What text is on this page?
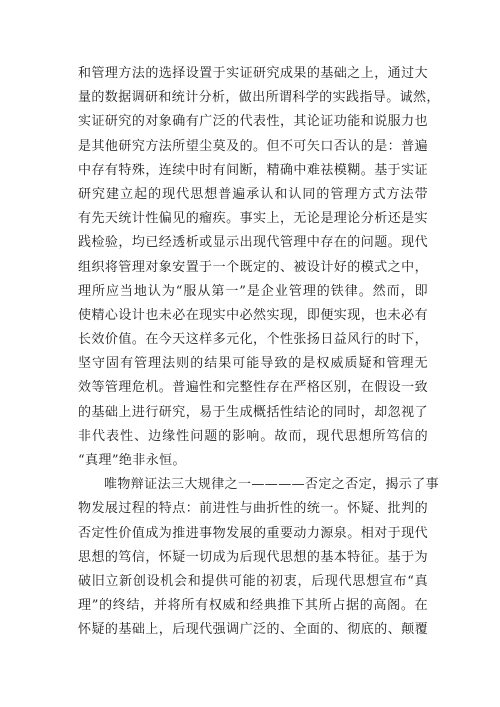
和管理方法的选择设置于实证研究成果的基础之上，通过大
量的数据调研和统计分析，做出所谓科学的实践指导。诚然，
实证研究的对象确有广泛的代表性，其论证功能和说服力也
是其他研究方法所望尘莫及的。但不可矢口否认的是：普遍
中存有特殊，连续中时有间断，精确中难祛模糊。基于实证
研究建立起的现代思想普遍承认和认同的管理方式方法带
有先天统计性偏见的瘤疾。事实上，无论是理论分析还是实
践检验，均已经透析或显示出现代管理中存在的问题。现代
组织将管理对象安置于一个既定的、被设计好的模式之中，
理所应当地认为“服从第一”是企业管理的铁律。然而，即
使精心设计也未必在现实中必然实现，即便实现，也未必有
长效价值。在今天这样多元化，个性张扬日益风行的时下，
坚守固有管理法则的结果可能导致的是权威质疑和管理无
效等管理危机。普遍性和完整性存在严格区别，在假设一致
的基础上进行研究，易于生成概括性结论的同时，却忽视了
非代表性、边缘性问题的影响。故而，现代思想所笃信的
“真理”绝非永恒。
唯物辩证法三大规律之一————否定之否定，揭示了事
物发展过程的特点：前进性与曲折性的统一。怀疑、批判的
否定性价值成为推进事物发展的重要动力源泉。相对于现代
思想的笃信，怀疑一切成为后现代思想的基本特征。基于为
破旧立新创设机会和提供可能的初衷，后现代思想宣布“真
理”的终结，并将所有权威和经典推下其所占据的高阁。在
怀疑的基础上，后现代强调广泛的、全面的、彻底的、颠覆
